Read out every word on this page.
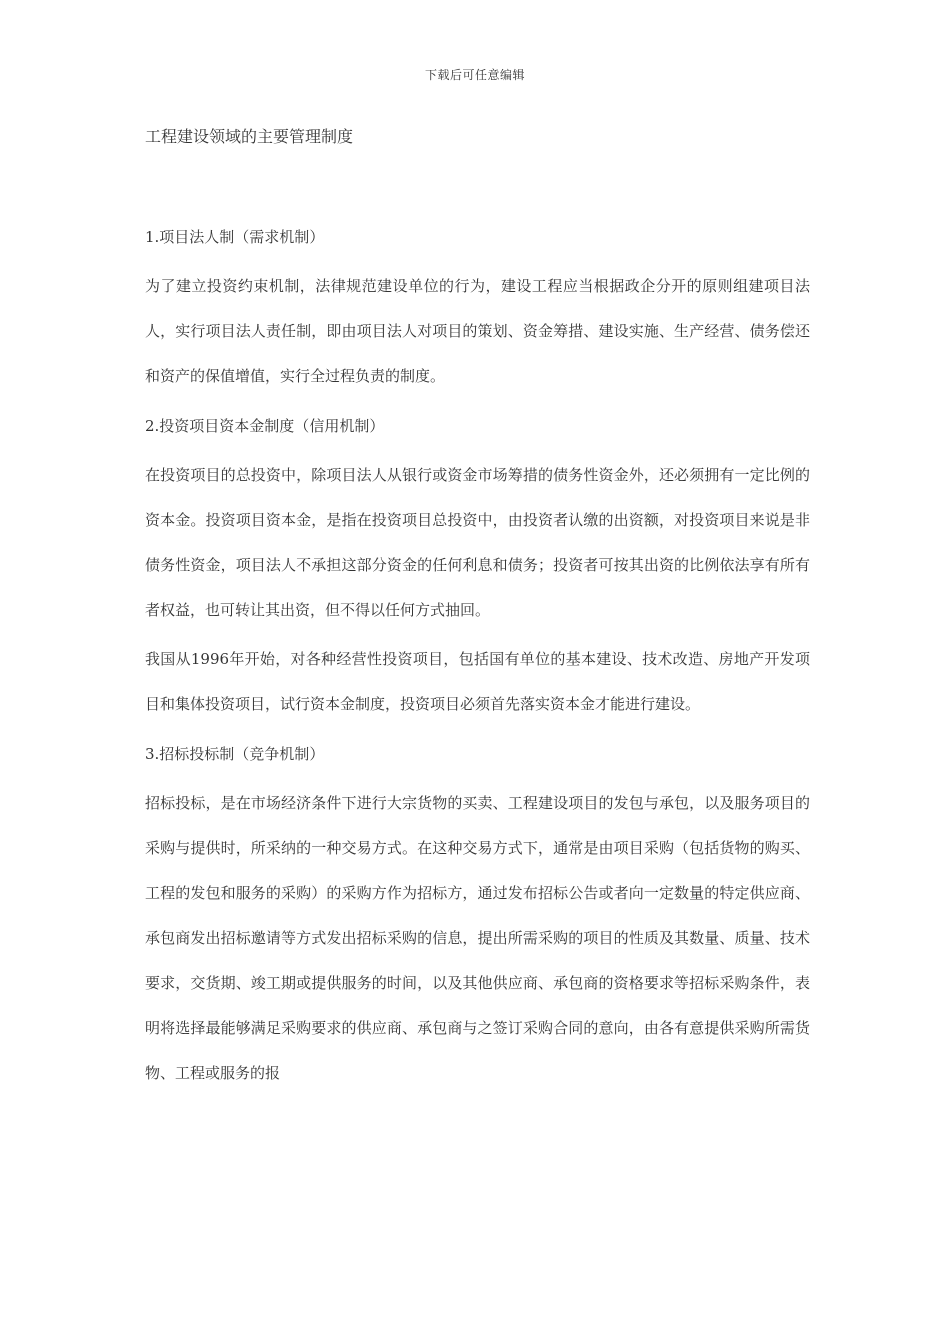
下载后可任意编辑
工程建设领域的主要管理制度
1.项目法人制（需求机制）

为了建立投资约束机制，法律规范建设单位的行为，建设工程应当根据政企分开的原则组建项目法人，实行项目法人责任制，即由项目法人对项目的策划、资金筹措、建设实施、生产经营、债务偿还和资产的保值增值，实行全过程负责的制度。

2.投资项目资本金制度（信用机制）

在投资项目的总投资中，除项目法人从银行或资金市场筹措的债务性资金外，还必须拥有一定比例的资本金。投资项目资本金，是指在投资项目总投资中，由投资者认缴的出资额，对投资项目来说是非债务性资金，项目法人不承担这部分资金的任何利息和债务；投资者可按其出资的比例依法享有所有者权益，也可转让其出资，但不得以任何方式抽回。

我国从1996年开始，对各种经营性投资项目，包括国有单位的基本建设、技术改造、房地产开发项目和集体投资项目，试行资本金制度，投资项目必须首先落实资本金才能进行建设。

3.招标投标制（竞争机制）

招标投标，是在市场经济条件下进行大宗货物的买卖、工程建设项目的发包与承包，以及服务项目的采购与提供时，所采纳的一种交易方式。在这种交易方式下，通常是由项目采购（包括货物的购买、工程的发包和服务的采购）的采购方作为招标方，通过发布招标公告或者向一定数量的特定供应商、承包商发出招标邀请等方式发出招标采购的信息，提出所需采购的项目的性质及其数量、质量、技术要求，交货期、竣工期或提供服务的时间，以及其他供应商、承包商的资格要求等招标采购条件，表明将选择最能够满足采购要求的供应商、承包商与之签订采购合同的意向，由各有意提供采购所需货物、工程或服务的报
